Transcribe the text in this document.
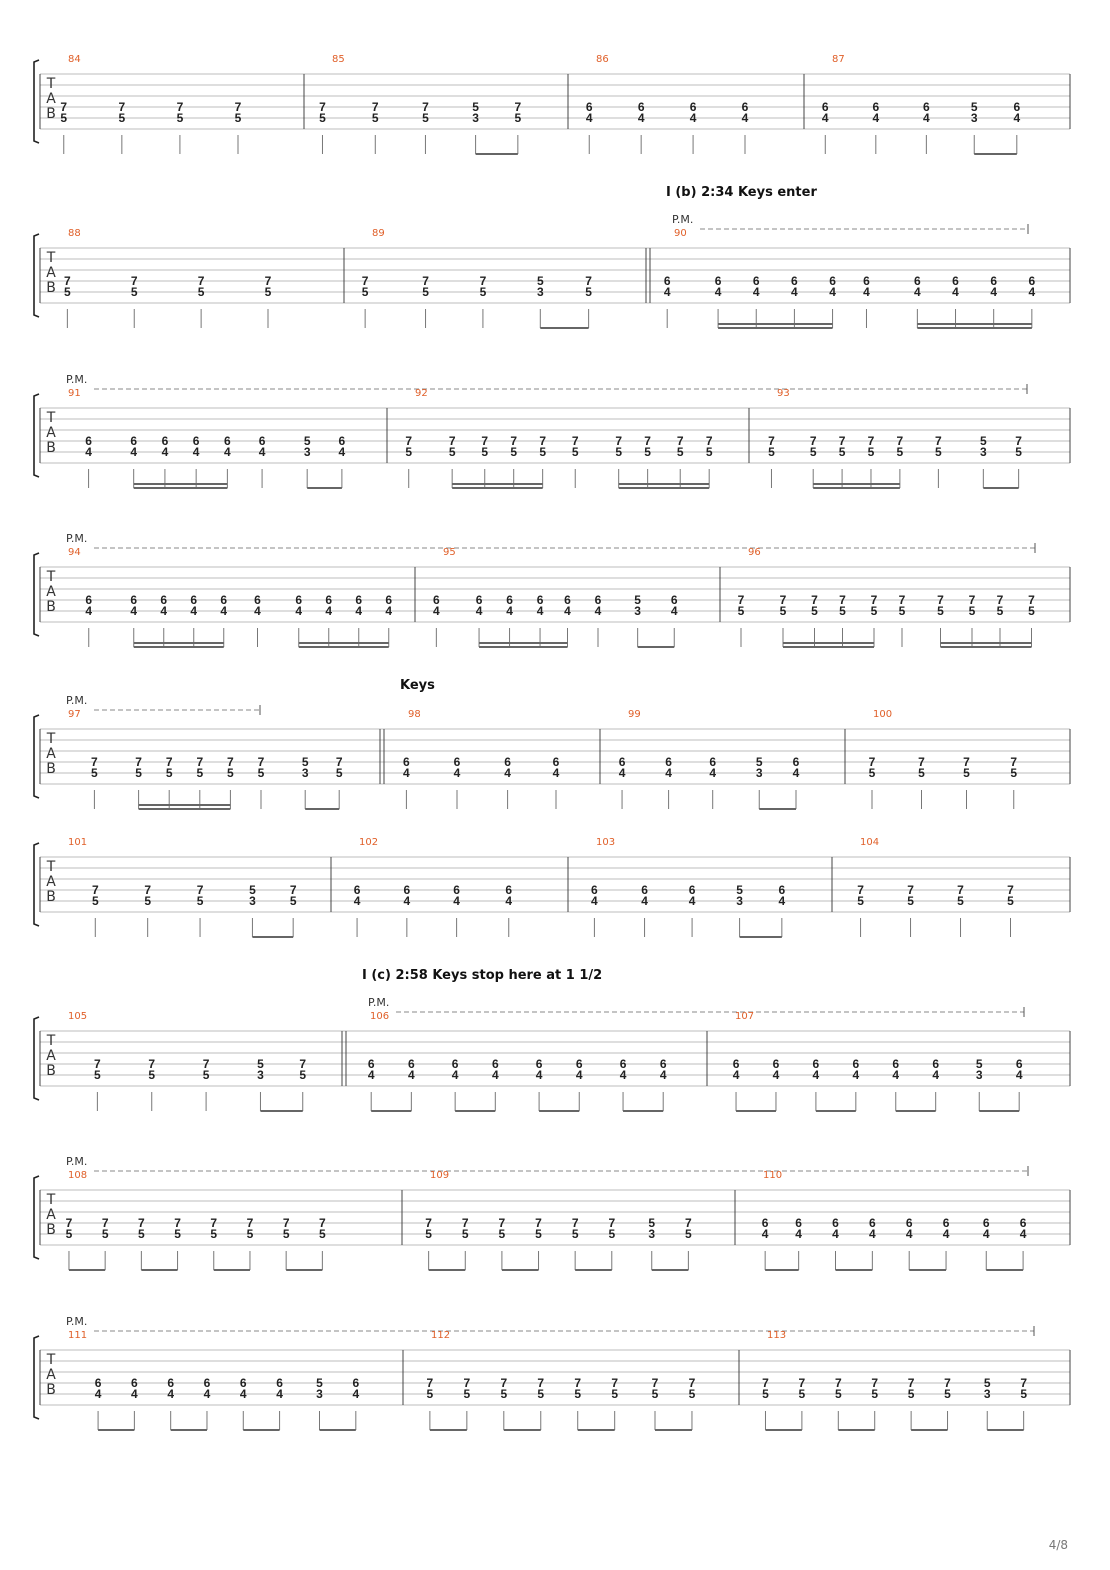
T
A
B
84
7
5
7
5
7
5
7
5
85
7
5
7
5
7
5
5
3
7
5
86
6
4
6
4
6
4
6
4
87
6
4
6
4
6
4
5
3
6
4
T
A
B
P.M.
I (b) 2:34 Keys enter
88
7
5
7
5
7
5
7
5
89
7
5
7
5
7
5
5
3
7
5
90
6
4
6
4
6
4
6
4
6
4
6
4
6
4
6
4
6
4
6
4
T
A
B
P.M.
91
6
4
6
4
6
4
6
4
6
4
6
4
5
3
6
4
92
7
5
7
5
7
5
7
5
7
5
7
5
7
5
7
5
7
5
7
5
93
7
5
7
5
7
5
7
5
7
5
7
5
5
3
7
5
T
A
B
P.M.
94
6
4
6
4
6
4
6
4
6
4
6
4
6
4
6
4
6
4
6
4
95
6
4
6
4
6
4
6
4
6
4
6
4
5
3
6
4
96
7
5
7
5
7
5
7
5
7
5
7
5
7
5
7
5
7
5
7
5
T
A
B
P.M.
Keys
97
7
5
7
5
7
5
7
5
7
5
7
5
5
3
7
5
98
6
4
6
4
6
4
6
4
99
6
4
6
4
6
4
5
3
6
4
100
7
5
7
5
7
5
7
5
T
A
B
101
7
5
7
5
7
5
5
3
7
5
102
6
4
6
4
6
4
6
4
103
6
4
6
4
6
4
5
3
6
4
104
7
5
7
5
7
5
7
5
T
A
B
P.M.
I (c) 2:58 Keys stop here at 1 1/2
105
7
5
7
5
7
5
5
3
7
5
106
6
4
6
4
6
4
6
4
6
4
6
4
6
4
6
4
107
6
4
6
4
6
4
6
4
6
4
6
4
5
3
6
4
T
A
B
P.M.
108
7
5
7
5
7
5
7
5
7
5
7
5
7
5
7
5
109
7
5
7
5
7
5
7
5
7
5
7
5
5
3
7
5
110
6
4
6
4
6
4
6
4
6
4
6
4
6
4
6
4
T
A
B
P.M.
111
6
4
6
4
6
4
6
4
6
4
6
4
5
3
6
4
112
7
5
7
5
7
5
7
5
7
5
7
5
7
5
7
5
113
7
5
7
5
7
5
7
5
7
5
7
5
5
3
7
5
4/8
